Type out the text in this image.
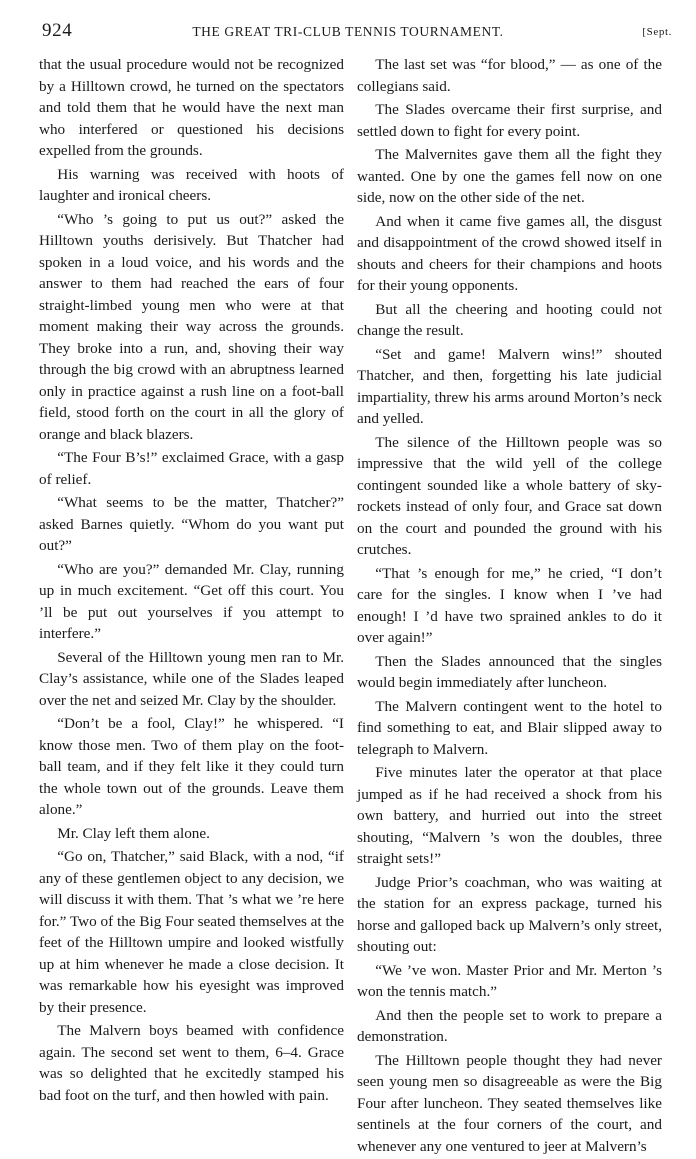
924	THE GREAT TRI-CLUB TENNIS TOURNAMENT.	[Sept.

that the usual procedure would not be recognized by a Hilltown crowd, he turned on the spectators and told them that he would have the next man who interfered or questioned his decisions expelled from the grounds.

His warning was received with hoots of laughter and ironical cheers.

“Who ’s going to put us out?” asked the Hilltown youths derisively. But Thatcher had spoken in a loud voice, and his words and the answer to them had reached the ears of four straight-limbed young men who were at that moment making their way across the grounds. They broke into a run, and, shoving their way through the big crowd with an abruptness learned only in practice against a rush line on a foot-ball field, stood forth on the court in all the glory of orange and black blazers.

“The Four B’s!” exclaimed Grace, with a gasp of relief.

“What seems to be the matter, Thatcher?” asked Barnes quietly. “Whom do you want put out?”

“Who are you?” demanded Mr. Clay, running up in much excitement. “Get off this court. You ’ll be put out yourselves if you attempt to interfere.”

Several of the Hilltown young men ran to Mr. Clay’s assistance, while one of the Slades leaped over the net and seized Mr. Clay by the shoulder.

“Don’t be a fool, Clay!” he whispered. “I know those men. Two of them play on the foot-ball team, and if they felt like it they could turn the whole town out of the grounds. Leave them alone.”

Mr. Clay left them alone.

“Go on, Thatcher,” said Black, with a nod, “if any of these gentlemen object to any decision, we will discuss it with them. That ’s what we ’re here for.” Two of the Big Four seated themselves at the feet of the Hilltown umpire and looked wistfully up at him whenever he made a close decision. It was remarkable how his eyesight was improved by their presence.

The Malvern boys beamed with confidence again. The second set went to them, 6–4. Grace was so delighted that he excitedly stamped his bad foot on the turf, and then howled with pain.

The last set was “for blood,” — as one of the collegians said.

The Slades overcame their first surprise, and settled down to fight for every point.

The Malvernites gave them all the fight they wanted. One by one the games fell now on one side, now on the other side of the net.

And when it came five games all, the disgust and disappointment of the crowd showed itself in shouts and cheers for their champions and hoots for their young opponents.

But all the cheering and hooting could not change the result.

“Set and game! Malvern wins!” shouted Thatcher, and then, forgetting his late judicial impartiality, threw his arms around Morton’s neck and yelled.

The silence of the Hilltown people was so impressive that the wild yell of the college contingent sounded like a whole battery of sky-rockets instead of only four, and Grace sat down on the court and pounded the ground with his crutches.

“That ’s enough for me,” he cried, “I don’t care for the singles. I know when I ’ve had enough! I ’d have two sprained ankles to do it over again!”

Then the Slades announced that the singles would begin immediately after luncheon.

The Malvern contingent went to the hotel to find something to eat, and Blair slipped away to telegraph to Malvern.

Five minutes later the operator at that place jumped as if he had received a shock from his own battery, and hurried out into the street shouting, “Malvern ’s won the doubles, three straight sets!”

Judge Prior’s coachman, who was waiting at the station for an express package, turned his horse and galloped back up Malvern’s only street, shouting out:

“We ’ve won. Master Prior and Mr. Merton ’s won the tennis match.”

And then the people set to work to prepare a demonstration.

The Hilltown people thought they had never seen young men so disagreeable as were the Big Four after luncheon. They seated themselves like sentinels at the four corners of the court, and whenever any one ventured to jeer at Malvern’s
